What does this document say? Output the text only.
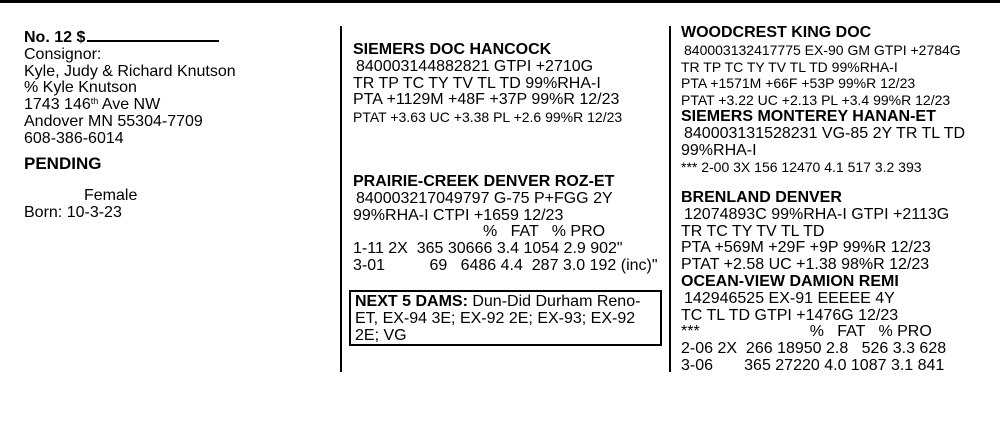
No. 12 $
Consignor:
Kyle, Judy & Richard Knutson
% Kyle Knutson
1743 146th Ave NW
Andover MN 55304-7709
608-386-6014
PENDING
Female
Born: 10-3-23
SIEMERS DOC HANCOCK
840003144882821 GTPI +2710G
TR TP TC TY TV TL TD 99%RHA-I
PTA +1129M +48F +37P 99%R 12/23
PTAT +3.63 UC +3.38 PL +2.6 99%R 12/23
PRAIRIE-CREEK DENVER ROZ-ET
840003217049797 G-75 P+FGG 2Y
99%RHA-I CTPI +1659 12/23
%   FAT   % PRO
1-11 2X  365 30666 3.4 1054 2.9 902"
3-01          69   6486 4.4  287 3.0 192 (inc)"
NEXT 5 DAMS: Dun-Did Durham Reno-ET, EX-94 3E; EX-92 2E; EX-93; EX-92 2E; VG
WOODCREST KING DOC
840003132417775 EX-90 GM GTPI +2784G
TR TP TC TY TV TL TD 99%RHA-I
PTA +1571M +66F +53P 99%R 12/23
PTAT +3.22 UC +2.13 PL +3.4 99%R 12/23
SIEMERS MONTEREY HANAN-ET
840003131528231 VG-85 2Y TR TL TD
99%RHA-I
*** 2-00 3X 156 12470 4.1 517 3.2 393
BRENLAND DENVER
12074893C 99%RHA-I GTPI +2113G
TR TC TY TV TL TD
PTA +569M +29F +9P 99%R 12/23
PTAT +2.58 UC +1.38 98%R 12/23
OCEAN-VIEW DAMION REMI
142946525 EX-91 EEEEE 4Y
TC TL TD GTPI +1476G 12/23
***	%   FAT   % PRO
2-06 2X  266 18950 2.8   526 3.3 628
3-06       365 27220 4.0 1087 3.1 841
